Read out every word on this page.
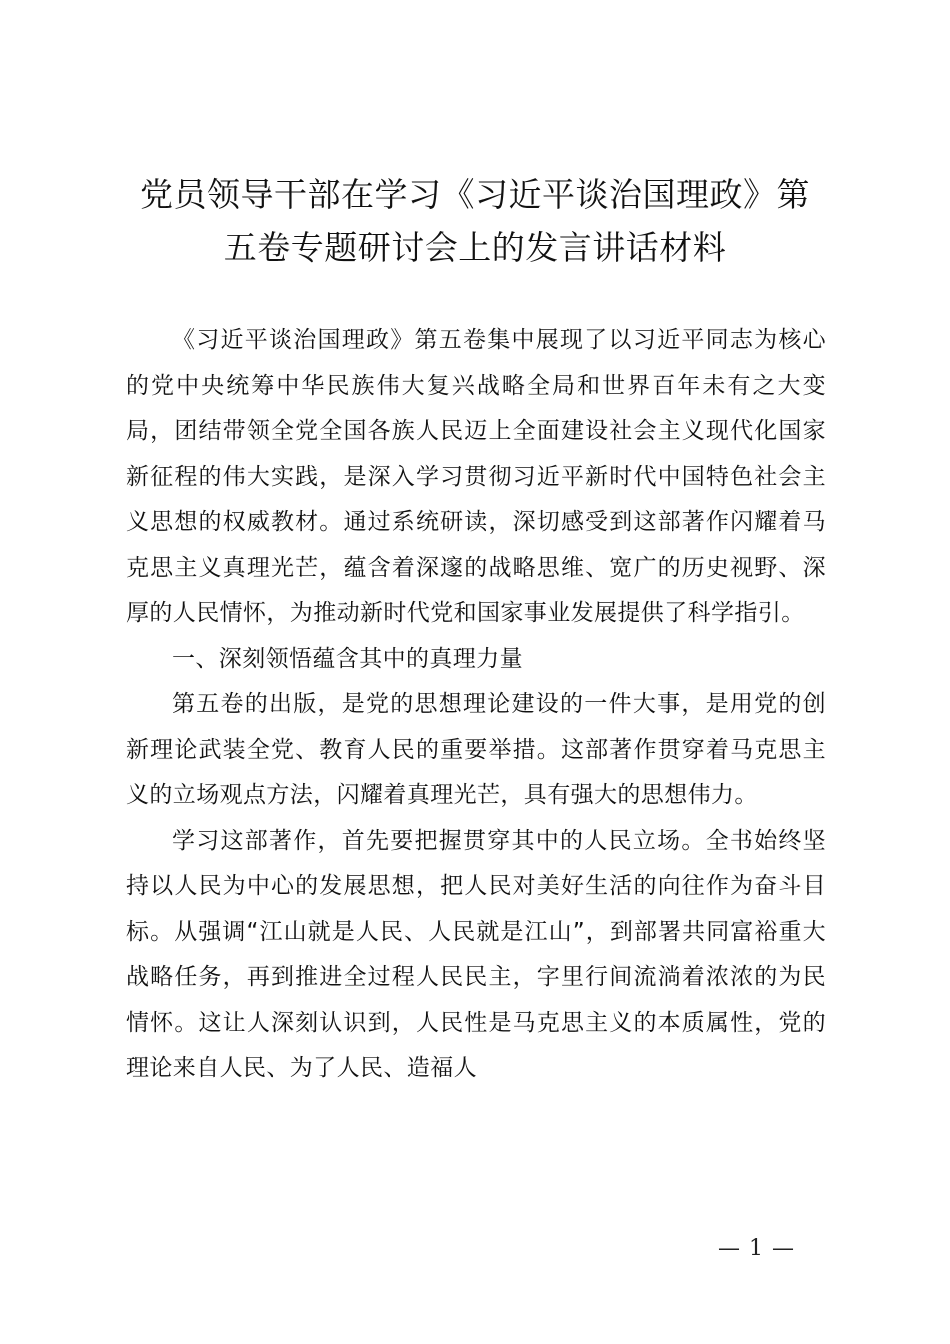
党员领导干部在学习《习近平谈治国理政》第
五卷专题研讨会上的发言讲话材料

《习近平谈治国理政》第五卷集中展现了以习近平同志为核心的党中央统筹中华民族伟大复兴战略全局和世界百年未有之大变局，团结带领全党全国各族人民迈上全面建设社会主义现代化国家新征程的伟大实践，是深入学习贯彻习近平新时代中国特色社会主义思想的权威教材。通过系统研读，深切感受到这部著作闪耀着马克思主义真理光芒，蕴含着深邃的战略思维、宽广的历史视野、深厚的人民情怀，为推动新时代党和国家事业发展提供了科学指引。

一、深刻领悟蕴含其中的真理力量

第五卷的出版，是党的思想理论建设的一件大事，是用党的创新理论武装全党、教育人民的重要举措。这部著作贯穿着马克思主义的立场观点方法，闪耀着真理光芒，具有强大的思想伟力。

学习这部著作，首先要把握贯穿其中的人民立场。全书始终坚持以人民为中心的发展思想，把人民对美好生活的向往作为奋斗目标。从强调“江山就是人民、人民就是江山”，到部署共同富裕重大战略任务，再到推进全过程人民民主，字里行间流淌着浓浓的为民情怀。这让人深刻认识到，人民性是马克思主义的本质属性，党的理论来自人民、为了人民、造福人

— 1 —
